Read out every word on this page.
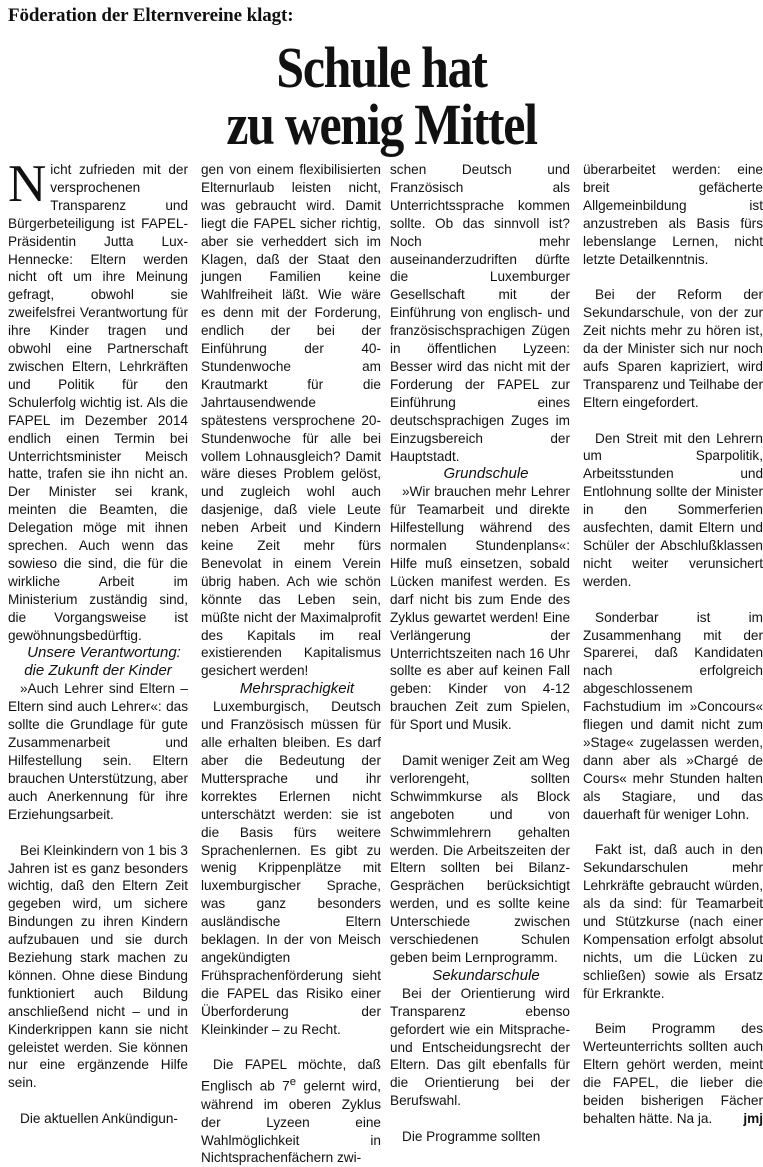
Föderation der Elternvereine klagt:
Schule hat
zu wenig Mittel

Nicht zufrieden mit der versprochenen Transparenz und Bürgerbeteiligung ist FAPEL-Präsidentin Jutta Lux-Hennecke: Eltern werden nicht oft um ihre Meinung gefragt, obwohl sie zweifelsfrei Verantwortung für ihre Kinder tragen und obwohl eine Partnerschaft zwischen Eltern, Lehrkräften und Politik für den Schulerfolg wichtig ist. Als die FAPEL im Dezember 2014 endlich einen Termin bei Unterrichtsminister Meisch hatte, trafen sie ihn nicht an. Der Minister sei krank, meinten die Beamten, die Delegation möge mit ihnen sprechen. Auch wenn das sowieso die sind, die für die wirkliche Arbeit im Ministerium zuständig sind, die Vorgangsweise ist gewöhnungsbedürftig.

Unsere Verantwortung: die Zukunft der Kinder

»Auch Lehrer sind Eltern – Eltern sind auch Lehrer«: das sollte die Grundlage für gute Zusammenarbeit und Hilfestellung sein. Eltern brauchen Unterstützung, aber auch Anerkennung für ihre Erziehungsarbeit.

Bei Kleinkindern von 1 bis 3 Jahren ist es ganz besonders wichtig, daß den Eltern Zeit gegeben wird, um sichere Bindungen zu ihren Kindern aufzubauen und sie durch Beziehung stark machen zu können. Ohne diese Bindung funktioniert auch Bildung anschließend nicht – und in Kinderkrippen kann sie nicht geleistet werden. Sie können nur eine ergänzende Hilfe sein.

Die aktuellen Ankündigun-

gen von einem flexibilisierten Elternurlaub leisten nicht, was gebraucht wird. Damit liegt die FAPEL sicher richtig, aber sie verheddert sich im Klagen, daß der Staat den jungen Familien keine Wahlfreiheit läßt. Wie wäre es denn mit der Forderung, endlich der bei der Einführung der 40-Stundenwoche am Krautmarkt für die Jahrtausendwende spätestens versprochene 20-Stundenwoche für alle bei vollem Lohnausgleich? Damit wäre dieses Problem gelöst, und zugleich wohl auch dasjenige, daß viele Leute neben Arbeit und Kindern keine Zeit mehr fürs Benevolat in einem Verein übrig haben. Ach wie schön könnte das Leben sein, müßte nicht der Maximalprofit des Kapitals im real existierenden Kapitalismus gesichert werden!

Mehrsprachigkeit

Luxemburgisch, Deutsch und Französisch müssen für alle erhalten bleiben. Es darf aber die Bedeutung der Muttersprache und ihr korrektes Erlernen nicht unterschätzt werden: sie ist die Basis fürs weitere Sprachenlernen. Es gibt zu wenig Krippenplätze mit luxemburgischer Sprache, was ganz besonders ausländische Eltern beklagen. In der von Meisch angekündigten Frühsprachenförderung sieht die FAPEL das Risiko einer Überforderung der Kleinkinder – zu Recht.

Die FAPEL möchte, daß Englisch ab 7e gelernt wird, während im oberen Zyklus der Lyzeen eine Wahlmöglichkeit in Nichtsprachenfächern zwi-

schen Deutsch und Französisch als Unterrichtssprache kommen sollte. Ob das sinnvoll ist? Noch mehr auseinanderzudriften dürfte die Luxemburger Gesellschaft mit der Einführung von englisch- und französischsprachigen Zügen in öffentlichen Lyzeen: Besser wird das nicht mit der Forderung der FAPEL zur Einführung eines deutschsprachigen Zuges im Einzugsbereich der Hauptstadt.

Grundschule

»Wir brauchen mehr Lehrer für Teamarbeit und direkte Hilfestellung während des normalen Stundenplans«: Hilfe muß einsetzen, sobald Lücken manifest werden. Es darf nicht bis zum Ende des Zyklus gewartet werden! Eine Verlängerung der Unterrichtszeiten nach 16 Uhr sollte es aber auf keinen Fall geben: Kinder von 4-12 brauchen Zeit zum Spielen, für Sport und Musik.

Damit weniger Zeit am Weg verlorengeht, sollten Schwimmkurse als Block angeboten und von Schwimmlehrern gehalten werden. Die Arbeitszeiten der Eltern sollten bei Bilanz-Gesprächen berücksichtigt werden, und es sollte keine Unterschiede zwischen verschiedenen Schulen geben beim Lernprogramm.

Sekundarschule

Bei der Orientierung wird Transparenz ebenso gefordert wie ein Mitsprache- und Entscheidungsrecht der Eltern. Das gilt ebenfalls für die Orientierung bei der Berufswahl.

Die Programme sollten

überarbeitet werden: eine breit gefächerte Allgemeinbildung ist anzustreben als Basis fürs lebenslange Lernen, nicht letzte Detailkenntnis.

Bei der Reform der Sekundarschule, von der zur Zeit nichts mehr zu hören ist, da der Minister sich nur noch aufs Sparen kapriziert, wird Transparenz und Teilhabe der Eltern eingefordert.

Den Streit mit den Lehrern um Sparpolitik, Arbeitsstunden und Entlohnung sollte der Minister in den Sommerferien ausfechten, damit Eltern und Schüler der Abschlußklassen nicht weiter verunsichert werden.

Sonderbar ist im Zusammenhang mit der Sparerei, daß Kandidaten nach erfolgreich abgeschlossenem Fachstudium im »Concours« fliegen und damit nicht zum »Stage« zugelassen werden, dann aber als »Chargé de Cours« mehr Stunden halten als Stagiare, und das dauerhaft für weniger Lohn.

Fakt ist, daß auch in den Sekundarschulen mehr Lehrkräfte gebraucht würden, als da sind: für Teamarbeit und Stützkurse (nach einer Kompensation erfolgt absolut nichts, um die Lücken zu schließen) sowie als Ersatz für Erkrankte.

Beim Programm des Werteunterrichts sollten auch Eltern gehört werden, meint die FAPEL, die lieber die beiden bisherigen Fächer behalten hätte. Na ja.	jmj
